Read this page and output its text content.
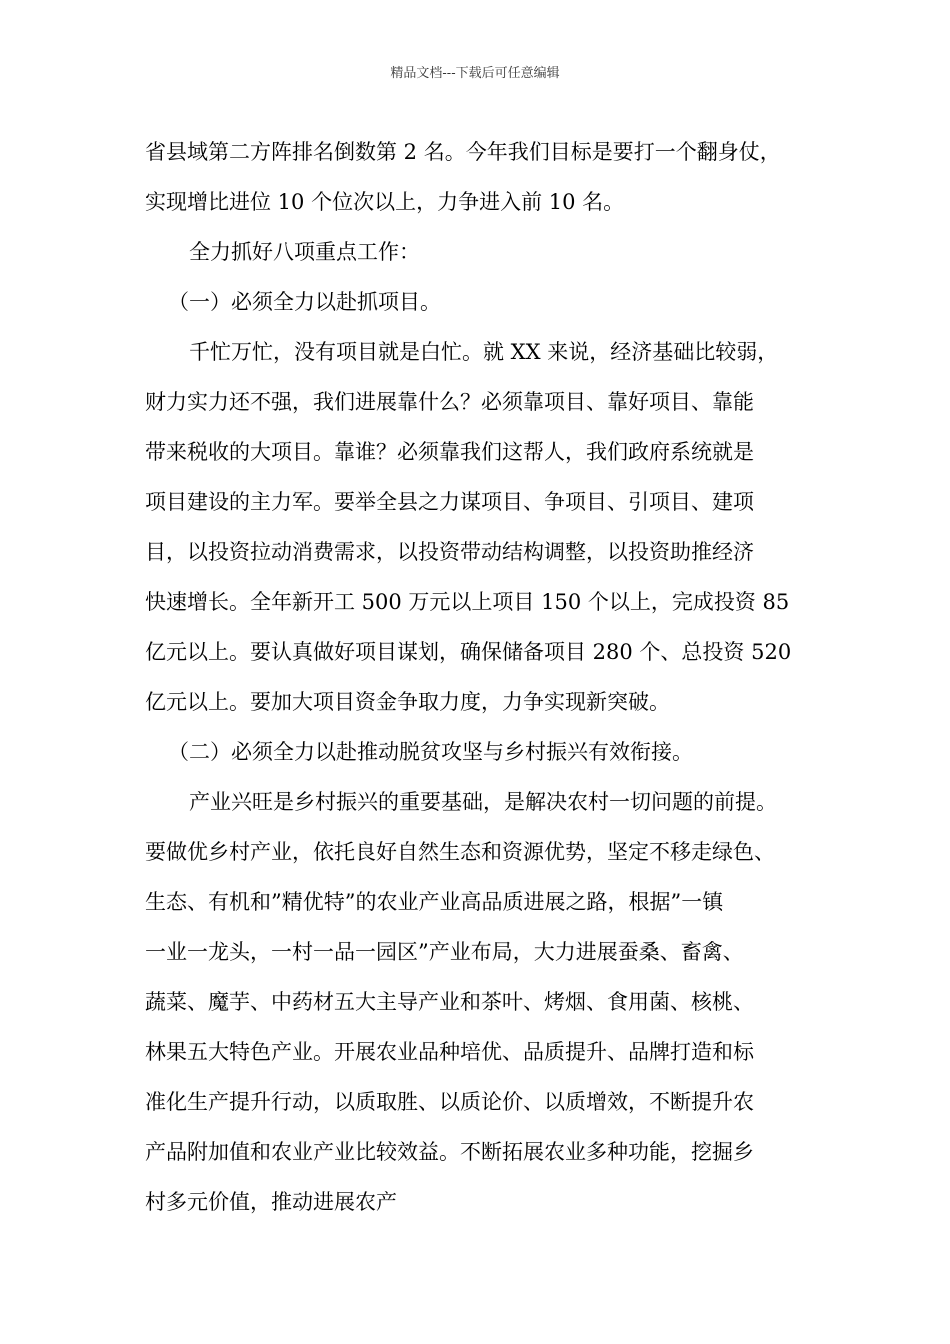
精品文档---下载后可任意编辑
省县域第二方阵排名倒数第 2 名。今年我们目标是要打一个翻身仗，
实现增比进位 10 个位次以上，力争进入前 10 名。
全力抓好八项重点工作：
（一）必须全力以赴抓项目。
千忙万忙，没有项目就是白忙。就 XX 来说，经济基础比较弱，
财力实力还不强，我们进展靠什么？必须靠项目、靠好项目、靠能
带来税收的大项目。靠谁？必须靠我们这帮人，我们政府系统就是
项目建设的主力军。要举全县之力谋项目、争项目、引项目、建项
目，以投资拉动消费需求，以投资带动结构调整，以投资助推经济
快速增长。全年新开工 500 万元以上项目 150 个以上，完成投资 85
亿元以上。要认真做好项目谋划，确保储备项目 280 个、总投资 520
亿元以上。要加大项目资金争取力度，力争实现新突破。
（二）必须全力以赴推动脱贫攻坚与乡村振兴有效衔接。
产业兴旺是乡村振兴的重要基础，是解决农村一切问题的前提。
要做优乡村产业，依托良好自然生态和资源优势，坚定不移走绿色、
生态、有机和”精优特”的农业产业高品质进展之路，根据”一镇
一业一龙头，一村一品一园区”产业布局，大力进展蚕桑、畜禽、
蔬菜、魔芋、中药材五大主导产业和茶叶、烤烟、食用菌、核桃、
林果五大特色产业。开展农业品种培优、品质提升、品牌打造和标
准化生产提升行动，以质取胜、以质论价、以质增效，不断提升农
产品附加值和农业产业比较效益。不断拓展农业多种功能，挖掘乡
村多元价值，推动进展农产
